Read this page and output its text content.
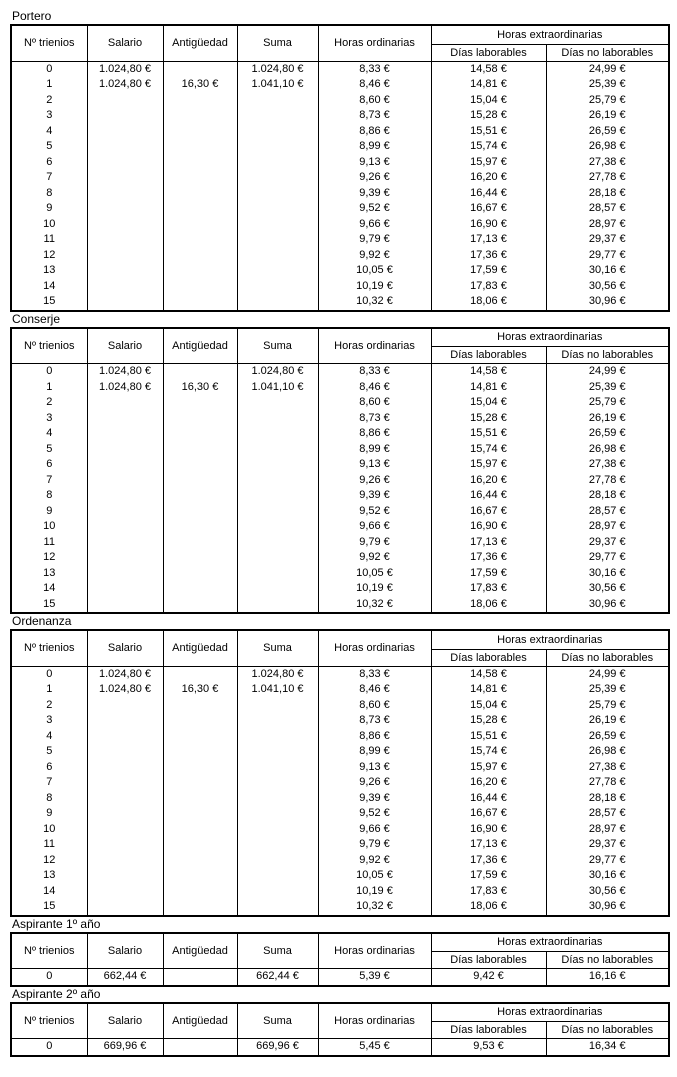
Portero
Nº trienios	Salario	Antigüedad	Suma	Horas ordinarias	Horas extraordinarias	
					Días laborables	Días no laborables
0	1.024,80 €		1.024,80 €	8,33 €	14,58 €	24,99 €
1	1.024,80 €	16,30 €	1.041,10 €	8,46 €	14,81 €	25,39 €
2				8,60 €	15,04 €	25,79 €
3				8,73 €	15,28 €	26,19 €
4				8,86 €	15,51 €	26,59 €
5				8,99 €	15,74 €	26,98 €
6				9,13 €	15,97 €	27,38 €
7				9,26 €	16,20 €	27,78 €
8				9,39 €	16,44 €	28,18 €
9				9,52 €	16,67 €	28,57 €
10				9,66 €	16,90 €	28,97 €
11				9,79 €	17,13 €	29,37 €
12				9,92 €	17,36 €	29,77 €
13				10,05 €	17,59 €	30,16 €
14				10,19 €	17,83 €	30,56 €
15				10,32 €	18,06 €	30,96 €
Conserje
Nº trienios	Salario	Antigüedad	Suma	Horas ordinarias	Horas extraordinarias	
					Días laborables	Días no laborables
0	1.024,80 €		1.024,80 €	8,33 €	14,58 €	24,99 €
1	1.024,80 €	16,30 €	1.041,10 €	8,46 €	14,81 €	25,39 €
2				8,60 €	15,04 €	25,79 €
3				8,73 €	15,28 €	26,19 €
4				8,86 €	15,51 €	26,59 €
5				8,99 €	15,74 €	26,98 €
6				9,13 €	15,97 €	27,38 €
7				9,26 €	16,20 €	27,78 €
8				9,39 €	16,44 €	28,18 €
9				9,52 €	16,67 €	28,57 €
10				9,66 €	16,90 €	28,97 €
11				9,79 €	17,13 €	29,37 €
12				9,92 €	17,36 €	29,77 €
13				10,05 €	17,59 €	30,16 €
14				10,19 €	17,83 €	30,56 €
15				10,32 €	18,06 €	30,96 €
Ordenanza
Nº trienios	Salario	Antigüedad	Suma	Horas ordinarias	Horas extraordinarias	
					Días laborables	Días no laborables
0	1.024,80 €		1.024,80 €	8,33 €	14,58 €	24,99 €
1	1.024,80 €	16,30 €	1.041,10 €	8,46 €	14,81 €	25,39 €
2				8,60 €	15,04 €	25,79 €
3				8,73 €	15,28 €	26,19 €
4				8,86 €	15,51 €	26,59 €
5				8,99 €	15,74 €	26,98 €
6				9,13 €	15,97 €	27,38 €
7				9,26 €	16,20 €	27,78 €
8				9,39 €	16,44 €	28,18 €
9				9,52 €	16,67 €	28,57 €
10				9,66 €	16,90 €	28,97 €
11				9,79 €	17,13 €	29,37 €
12				9,92 €	17,36 €	29,77 €
13				10,05 €	17,59 €	30,16 €
14				10,19 €	17,83 €	30,56 €
15				10,32 €	18,06 €	30,96 €
Aspirante 1º año
Nº trienios	Salario	Antigüedad	Suma	Horas ordinarias	Horas extraordinarias	
					Días laborables	Días no laborables
0	662,44 €		662,44 €	5,39 €	9,42 €	16,16 €
Aspirante 2º año
Nº trienios	Salario	Antigüedad	Suma	Horas ordinarias	Horas extraordinarias	
					Días laborables	Días no laborables
0	669,96 €		669,96 €	5,45 €	9,53 €	16,34 €
